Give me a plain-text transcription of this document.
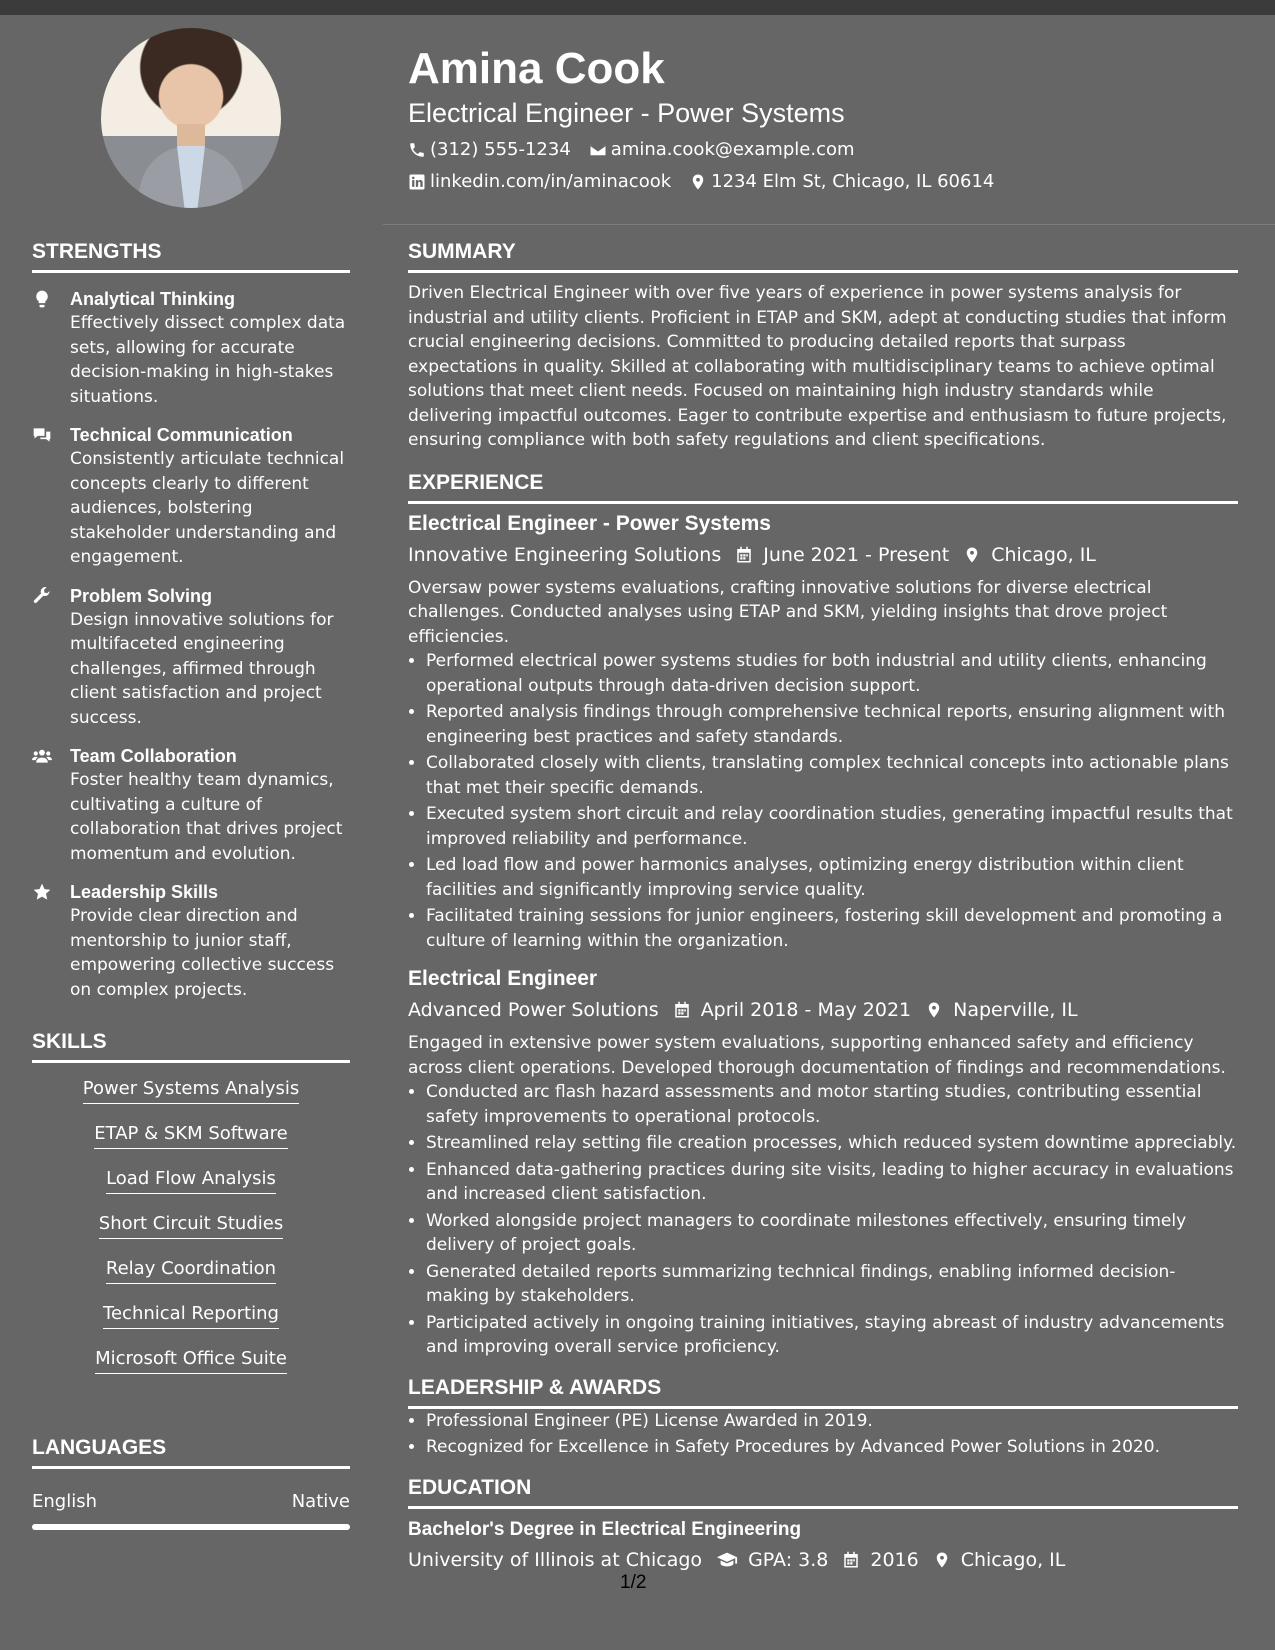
Amina Cook
Electrical Engineer - Power Systems
(312) 555-1234 amina.cook@example.com
linkedin.com/in/aminacook 1234 Elm St, Chicago, IL 60614
STRENGTHS
Analytical Thinking
Effectively dissect complex data sets, allowing for accurate decision-making in high-stakes situations.
Technical Communication
Consistently articulate technical concepts clearly to different audiences, bolstering stakeholder understanding and engagement.
Problem Solving
Design innovative solutions for multifaceted engineering challenges, affirmed through client satisfaction and project success.
Team Collaboration
Foster healthy team dynamics, cultivating a culture of collaboration that drives project momentum and evolution.
Leadership Skills
Provide clear direction and mentorship to junior staff, empowering collective success on complex projects.
SKILLS
Power Systems Analysis
ETAP & SKM Software
Load Flow Analysis
Short Circuit Studies
Relay Coordination
Technical Reporting
Microsoft Office Suite
LANGUAGES
English	Native
SUMMARY

Driven Electrical Engineer with over five years of experience in power systems analysis for industrial and utility clients. Proficient in ETAP and SKM, adept at conducting studies that inform crucial engineering decisions. Committed to producing detailed reports that surpass expectations in quality. Skilled at collaborating with multidisciplinary teams to achieve optimal solutions that meet client needs. Focused on maintaining high industry standards while delivering impactful outcomes. Eager to contribute expertise and enthusiasm to future projects, ensuring compliance with both safety regulations and client specifications.

EXPERIENCE
Electrical Engineer - Power Systems
Innovative Engineering Solutions June 2021 - Present Chicago, IL

Oversaw power systems evaluations, crafting innovative solutions for diverse electrical challenges. Conducted analyses using ETAP and SKM, yielding insights that drove project efficiencies.

• Performed electrical power systems studies for both industrial and utility clients, enhancing operational outputs through data-driven decision support.
• Reported analysis findings through comprehensive technical reports, ensuring alignment with engineering best practices and safety standards.
• Collaborated closely with clients, translating complex technical concepts into actionable plans that met their specific demands.
• Executed system short circuit and relay coordination studies, generating impactful results that improved reliability and performance.
• Led load flow and power harmonics analyses, optimizing energy distribution within client facilities and significantly improving service quality.
• Facilitated training sessions for junior engineers, fostering skill development and promoting a culture of learning within the organization.
Electrical Engineer
Advanced Power Solutions April 2018 - May 2021 Naperville, IL

Engaged in extensive power system evaluations, supporting enhanced safety and efficiency across client operations. Developed thorough documentation of findings and recommendations.

• Conducted arc flash hazard assessments and motor starting studies, contributing essential safety improvements to operational protocols.
• Streamlined relay setting file creation processes, which reduced system downtime appreciably.
• Enhanced data-gathering practices during site visits, leading to higher accuracy in evaluations and increased client satisfaction.
• Worked alongside project managers to coordinate milestones effectively, ensuring timely delivery of project goals.
• Generated detailed reports summarizing technical findings, enabling informed decision-making by stakeholders.
• Participated actively in ongoing training initiatives, staying abreast of industry advancements and improving overall service proficiency.
LEADERSHIP & AWARDS
• Professional Engineer (PE) License Awarded in 2019.
• Recognized for Excellence in Safety Procedures by Advanced Power Solutions in 2020.
EDUCATION
Bachelor's Degree in Electrical Engineering
University of Illinois at Chicago GPA: 3.8 2016 Chicago, IL
1/2
